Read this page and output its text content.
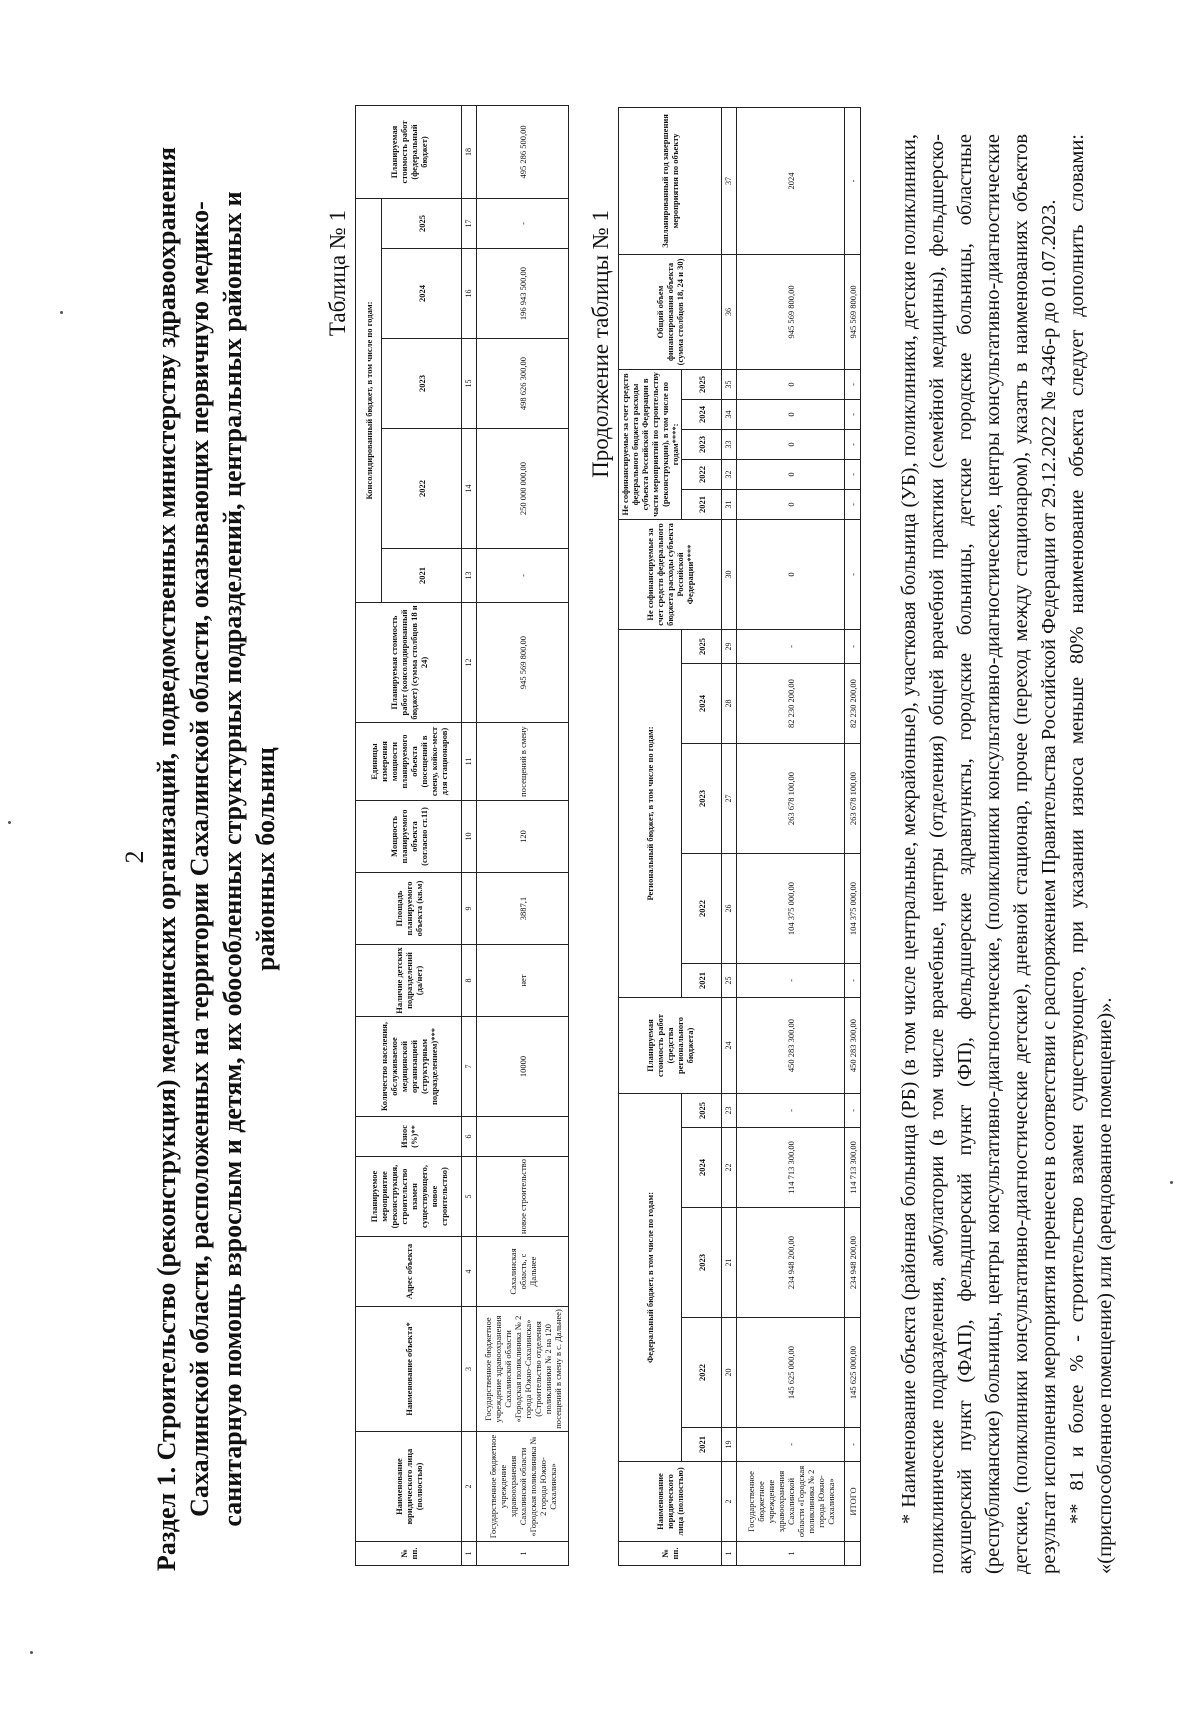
2 Раздел 1. Строительство (реконструкция) медицинских организаций, подведомственных министерству здравоохранения Сахалинской области, расположенных на территории Сахалинской области, оказывающих первичную медико-санитарную помощь взрослым и детям, их обособленных структурных подразделений, центральных районных и районных больниц
Таблица № 1
№ пп.	Наименование юридического лица (полностью)	Наименование объекта*	Адрес объекта	Планируемое мероприятие (реконструкция, строительство взамен существующего, новое строительство)	Износ (%)**	Количество населения, обслуживаемое медицинской организацией (структурным подразделением)***	Наличие детских подразделений (да/нет)	Площадь планируемого объекта (кв.м)	Мощность планируемого объекта (согласно ст.11)	Единицы измерения мощности планируемого объекта (посещений в смену, койко-мест для стационаров)	Планируемая стоимость работ (консолидированный бюджет) (сумма столбцов 18 и 24)	Консолидированный бюджет, в том числе по годам:					Планируемая стоимость работ (федеральный бюджет)
												2021	2022	2023	2024	2025	
1	2	3	4	5	6	7	8	9	10	11	12	13	14	15	16	17	18
1	Государственное бюджетное учреждение здравоохранения Сахалинской области «Городская поликлиника № 2 города Южно-Сахалинска»	Государственное бюджетное учреждение здравоохранения Сахалинской области «Городская поликлиника № 2 города Южно-Сахалинска» (Строительство отделения поликлиники № 2 на 120 посещений в смену в с. Дальнее)	Сахалинская область, с Дальнее	новое строительство		10000	нет	3887,1	120	посещений в смену	945 569 800,00	-	250 000 000,00	498 626 300,00	196 943 500,00	-	495 286 500,00
Продолжение таблицы № 1
№ пп.	Наименование юридического лица (полностью)	Федеральный бюджет, в том числе по годам:					Планируемая стоимость работ (средства регионального бюджета)	Региональный бюджет, в том числе по годам:					Не софинансируемые за счет средств федерального бюджета расходы субъекта Российской Федерации****	Не софинансируемые за счет средств федерального бюджета расходы субъекта Российской Федерации в части мероприятий по строительству (реконструкции), в том числе по годам****:					Общий объем финансирования объекта (сумма столбцов 18, 24 и 30)	Запланированный год завершения мероприятия по объекту
		2021	2022	2023	2024	2025		2021	2022	2023	2024	2025		2021	2022	2023	2024	2025		
1	2	19	20	21	22	23	24	25	26	27	28	29	30	31	32	33	34	35	36	37
1	Государственное бюджетное учреждение здравоохранения Сахалинской области «Городская поликлиника № 2 города Южно-Сахалинска»	-	145 625 000,00	234 948 200,00	114 713 300,00	-	450 283 300,00	-	104 375 000,00	263 678 100,00	82 230 200,00	-	0	0	0	0	0	0	945 569 800,00	2024
	ИТОГО	-	145 625 000,00	234 948 200,00	114 713 300,00	-	450 283 300,00	-	104 375 000,00	263 678 100,00	82 230 200,00	-	-	-	-	-	-	-	945 569 800,00	- * Наименование объекта (районная больница (РБ) (в том числе центральные, межрайонные), участковая больница (УБ), поликлиники, детские поликлиники, поликлинические подразделения, амбулатории (в том числе врачебные, центры (отделения) общей врачебной практики (семейной медицины), фельдшерско-акушерский пункт (ФАП), фельдшерский пункт (ФП), фельдшерские здравпункты, городские больницы, детские городские больницы, областные (республиканские) больницы, центры консультативно-диагностические, (поликлиники консультативно-диагностические, центры консультативно-диагностические детские, (поликлиники консультативно-диагностические детские), дневной стационар, прочее (переход между стационаром), указать в наименованиях объектов результат исполнения мероприятия перенесен в соответствии с распоряжением Правительства Российской Федерации от 29.12.2022 № 4346-р до 01.07.2023. ** 81 и более % - строительство взамен существующего, при указании износа меньше 80% наименование объекта следует дополнить словами: «(приспособленное помещение) или (арендованное помещение)».
